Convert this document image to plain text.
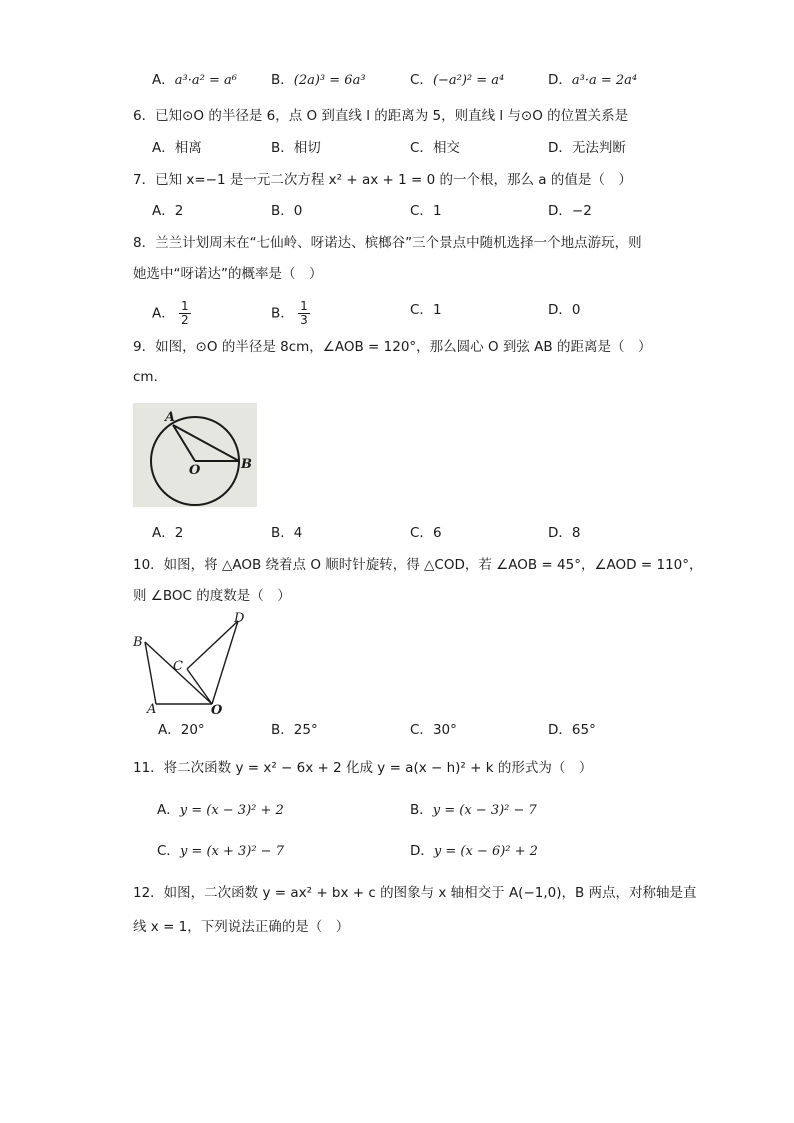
A．a³·a² = a⁶	B．(2a)³ = 6a³	C．(−a²)² = a⁴	D．a³·a = 2a⁴
6．已知⊙O 的半径是 6，点 O 到直线 l 的距离为 5，则直线 l 与⊙O 的位置关系是
A．相离	B．相切	C．相交	D．无法判断
7．已知 x=−1 是一元二次方程 x² + ax + 1 = 0 的一个根，那么 a 的值是（　）
A．2	B．0	C．1	D．−2
8．兰兰计划周末在“七仙岭、呀诺达、槟榔谷”三个景点中随机选择一个地点游玩，则
她选中“呀诺达”的概率是（　）
A． $\frac{1}{2}$	B． $\frac{1}{3}$	C．1	D．0
9．如图，⊙O 的半径是 8cm，∠AOB = 120°，那么圆心 O 到弦 AB 的距离是（　）
cm．
A
O	B
A．2	B．4	C．6	D．8
10．如图，将 △AOB 绕着点 O 顺时针旋转，得 △COD，若 ∠AOB = 45°，∠AOD = 110°，
则 ∠BOC 的度数是（　）
B
C
D
A	O
A．20°	B．25°	C．30°	D．65°
11．将二次函数 y = x² − 6x + 2 化成 y = a(x − h)² + k 的形式为（　）
A．y = (x − 3)² + 2	B．y = (x − 3)² − 7
C．y = (x + 3)² − 7	D．y = (x − 6)² + 2
12．如图，二次函数 y = ax² + bx + c 的图象与 x 轴相交于 A(−1,0)，B 两点，对称轴是直
线 x = 1，下列说法正确的是（　）
